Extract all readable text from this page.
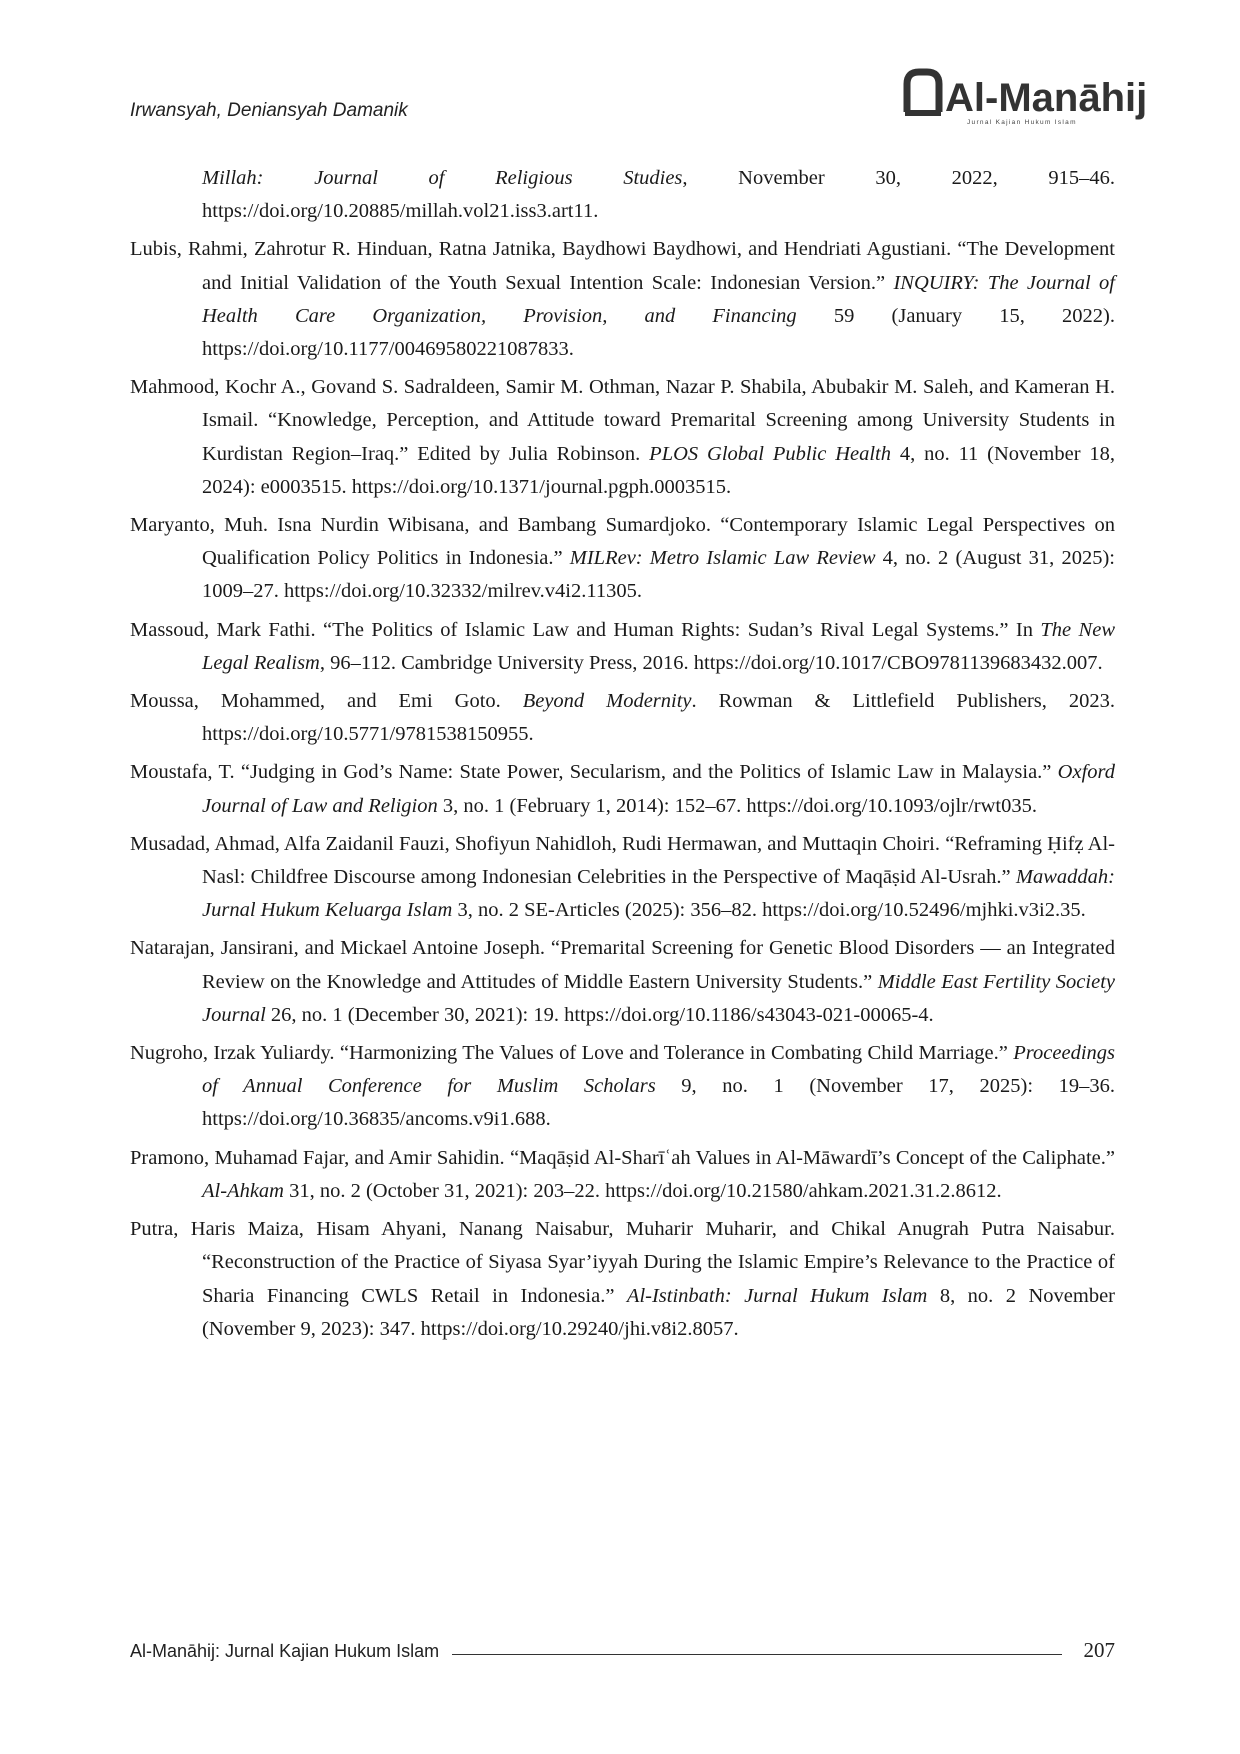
Irwansyah, Deniansyah Damanik	Al-Manāhij
Jurnal Kajian Hukum Islam

Millah: Journal of Religious Studies, November 30, 2022, 915–46. https://doi.org/10.20885/millah.vol21.iss3.art11.

Lubis, Rahmi, Zahrotur R. Hinduan, Ratna Jatnika, Baydhowi Baydhowi, and Hendriati Agustiani. “The Development and Initial Validation of the Youth Sexual Intention Scale: Indonesian Version.” INQUIRY: The Journal of Health Care Organization, Provision, and Financing 59 (January 15, 2022). https://doi.org/10.1177/00469580221087833.

Mahmood, Kochr A., Govand S. Sadraldeen, Samir M. Othman, Nazar P. Shabila, Abubakir M. Saleh, and Kameran H. Ismail. “Knowledge, Perception, and Attitude toward Premarital Screening among University Students in Kurdistan Region–Iraq.” Edited by Julia Robinson. PLOS Global Public Health 4, no. 11 (November 18, 2024): e0003515. https://doi.org/10.1371/journal.pgph.0003515.

Maryanto, Muh. Isna Nurdin Wibisana, and Bambang Sumardjoko. “Contemporary Islamic Legal Perspectives on Qualification Policy Politics in Indonesia.” MILRev: Metro Islamic Law Review 4, no. 2 (August 31, 2025): 1009–27. https://doi.org/10.32332/milrev.v4i2.11305.

Massoud, Mark Fathi. “The Politics of Islamic Law and Human Rights: Sudan’s Rival Legal Systems.” In The New Legal Realism, 96–112. Cambridge University Press, 2016. https://doi.org/10.1017/CBO9781139683432.007.

Moussa, Mohammed, and Emi Goto. Beyond Modernity. Rowman & Littlefield Publishers, 2023. https://doi.org/10.5771/9781538150955.

Moustafa, T. “Judging in God’s Name: State Power, Secularism, and the Politics of Islamic Law in Malaysia.” Oxford Journal of Law and Religion 3, no. 1 (February 1, 2014): 152–67. https://doi.org/10.1093/ojlr/rwt035.

Musadad, Ahmad, Alfa Zaidanil Fauzi, Shofiyun Nahidloh, Rudi Hermawan, and Muttaqin Choiri. “Reframing Ḥifẓ Al-Nasl: Childfree Discourse among Indonesian Celebrities in the Perspective of Maqāṣid Al-Usrah.” Mawaddah: Jurnal Hukum Keluarga Islam 3, no. 2 SE-Articles (2025): 356–82. https://doi.org/10.52496/mjhki.v3i2.35.

Natarajan, Jansirani, and Mickael Antoine Joseph. “Premarital Screening for Genetic Blood Disorders — an Integrated Review on the Knowledge and Attitudes of Middle Eastern University Students.” Middle East Fertility Society Journal 26, no. 1 (December 30, 2021): 19. https://doi.org/10.1186/s43043-021-00065-4.

Nugroho, Irzak Yuliardy. “Harmonizing The Values of Love and Tolerance in Combating Child Marriage.” Proceedings of Annual Conference for Muslim Scholars 9, no. 1 (November 17, 2025): 19–36. https://doi.org/10.36835/ancoms.v9i1.688.

Pramono, Muhamad Fajar, and Amir Sahidin. “Maqāṣid Al-Sharīʿah Values in Al-Māwardī’s Concept of the Caliphate.” Al-Ahkam 31, no. 2 (October 31, 2021): 203–22. https://doi.org/10.21580/ahkam.2021.31.2.8612.

Putra, Haris Maiza, Hisam Ahyani, Nanang Naisabur, Muharir Muharir, and Chikal Anugrah Putra Naisabur. “Reconstruction of the Practice of Siyasa Syar’iyyah During the Islamic Empire’s Relevance to the Practice of Sharia Financing CWLS Retail in Indonesia.” Al-Istinbath: Jurnal Hukum Islam 8, no. 2 November (November 9, 2023): 347. https://doi.org/10.29240/jhi.v8i2.8057.

Al-Manāhij: Jurnal Kajian Hukum Islam	207
